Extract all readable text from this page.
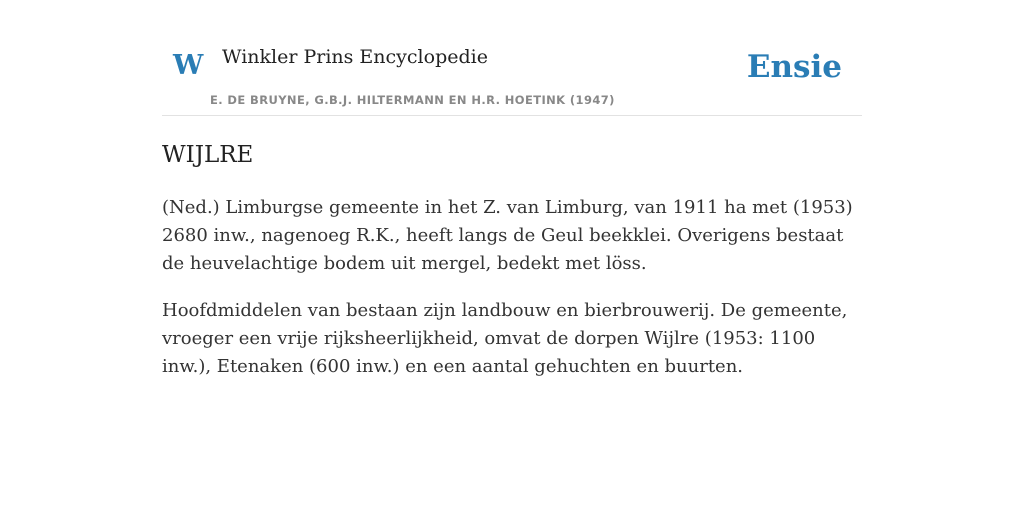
W Winkler Prins Encyclopedie
E. DE BRUYNE, G.B.J. HILTERMANN EN H.R. HOETINK (1947)
Ensie
WIJLRE

(Ned.) Limburgse gemeente in het Z. van Limburg, van 1911 ha met (1953) 2680 inw., nagenoeg R.K., heeft langs de Geul beekklei. Overigens bestaat de heuvelachtige bodem uit mergel, bedekt met löss.

Hoofdmiddelen van bestaan zijn landbouw en bierbrouwerij. De gemeente, vroeger een vrije rijksheerlijkheid, omvat de dorpen Wijlre (1953: 1100 inw.), Etenaken (600 inw.) en een aantal gehuchten en buurten.
